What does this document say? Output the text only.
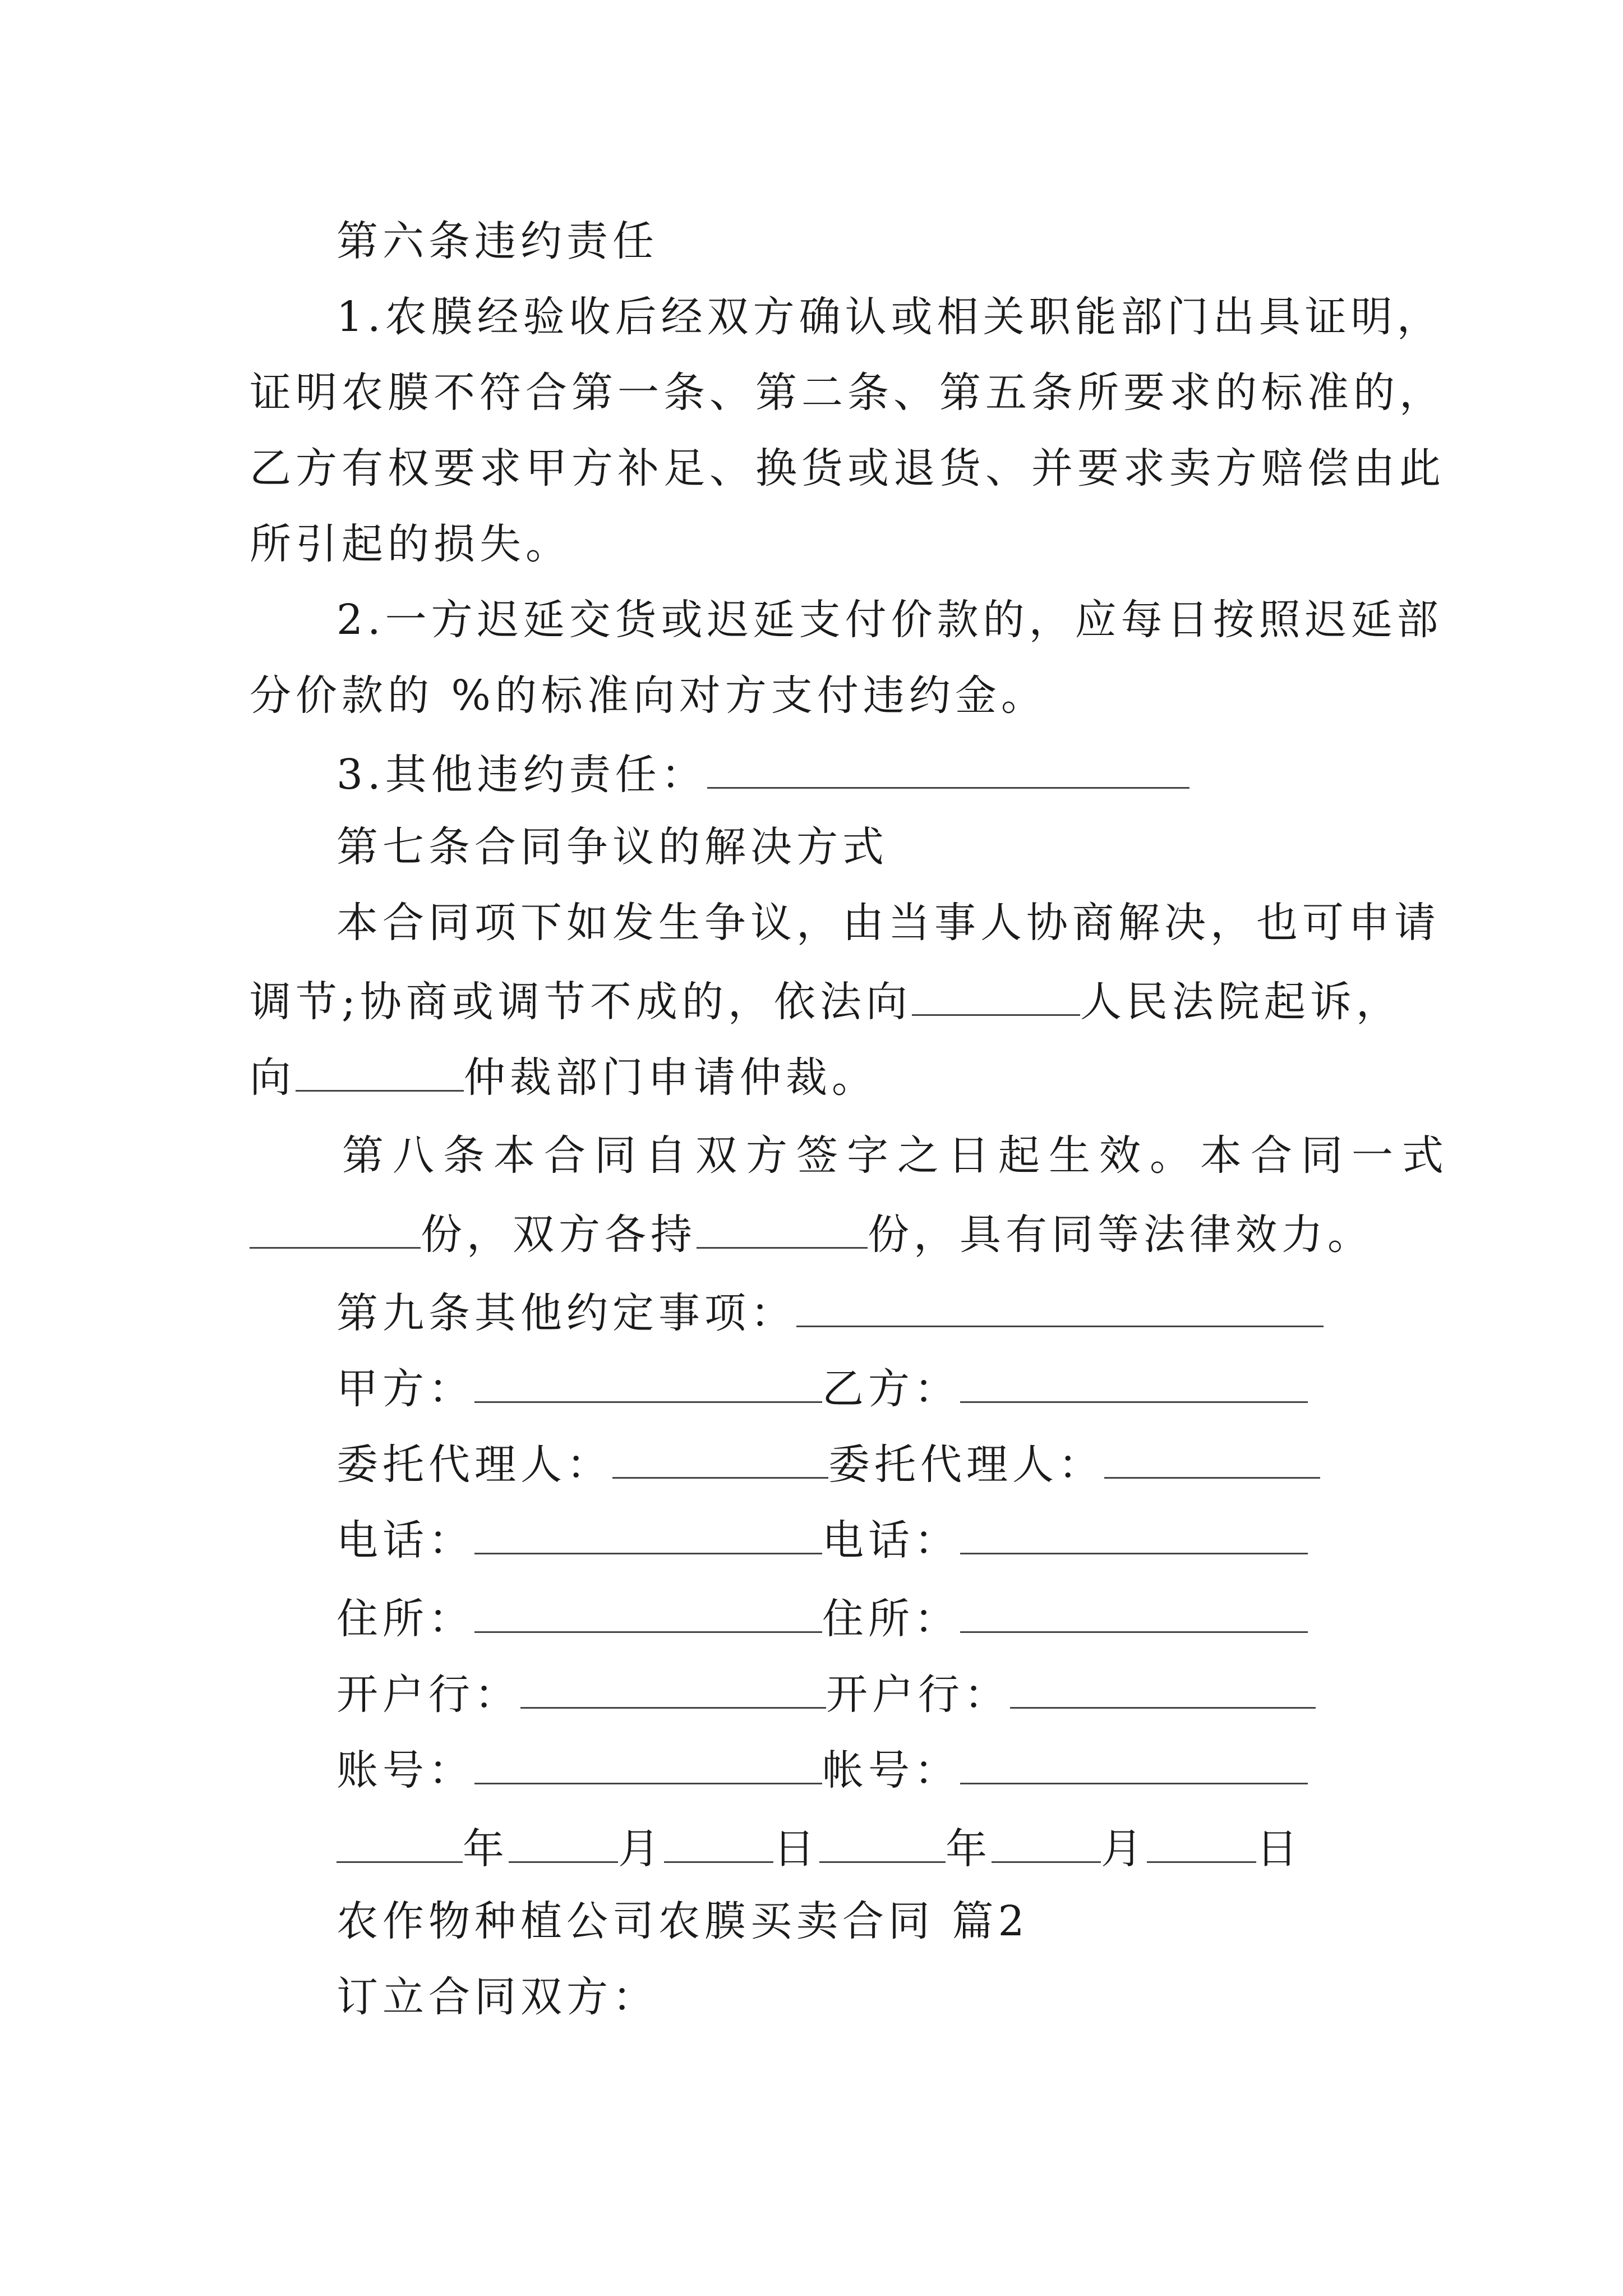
第六条违约责任
1.农膜经验收后经双方确认或相关职能部门出具证明，
证明农膜不符合第一条、第二条、第五条所要求的标准的，
乙方有权要求甲方补足、换货或退货、并要求卖方赔偿由此
所引起的损失。
2.一方迟延交货或迟延支付价款的，应每日按照迟延部
分价款的 %的标准向对方支付违约金。
3.其他违约责任：
第七条合同争议的解决方式
本合同项下如发生争议，由当事人协商解决，也可申请
调节;协商或调节不成的，依法向	人民法院起诉，
向	仲裁部门申请仲裁。
第八条本合同自双方签字之日起生效。本合同一式
份，双方各持	份，具有同等法律效力。
第九条其他约定事项：
甲方：	乙方：
委托代理人：	委托代理人：
电话：	电话：
住所：	住所：
开户行：	开户行：
账号：	帐号：
年	月	日	年	月	日
农作物种植公司农膜买卖合同 篇2
订立合同双方：
